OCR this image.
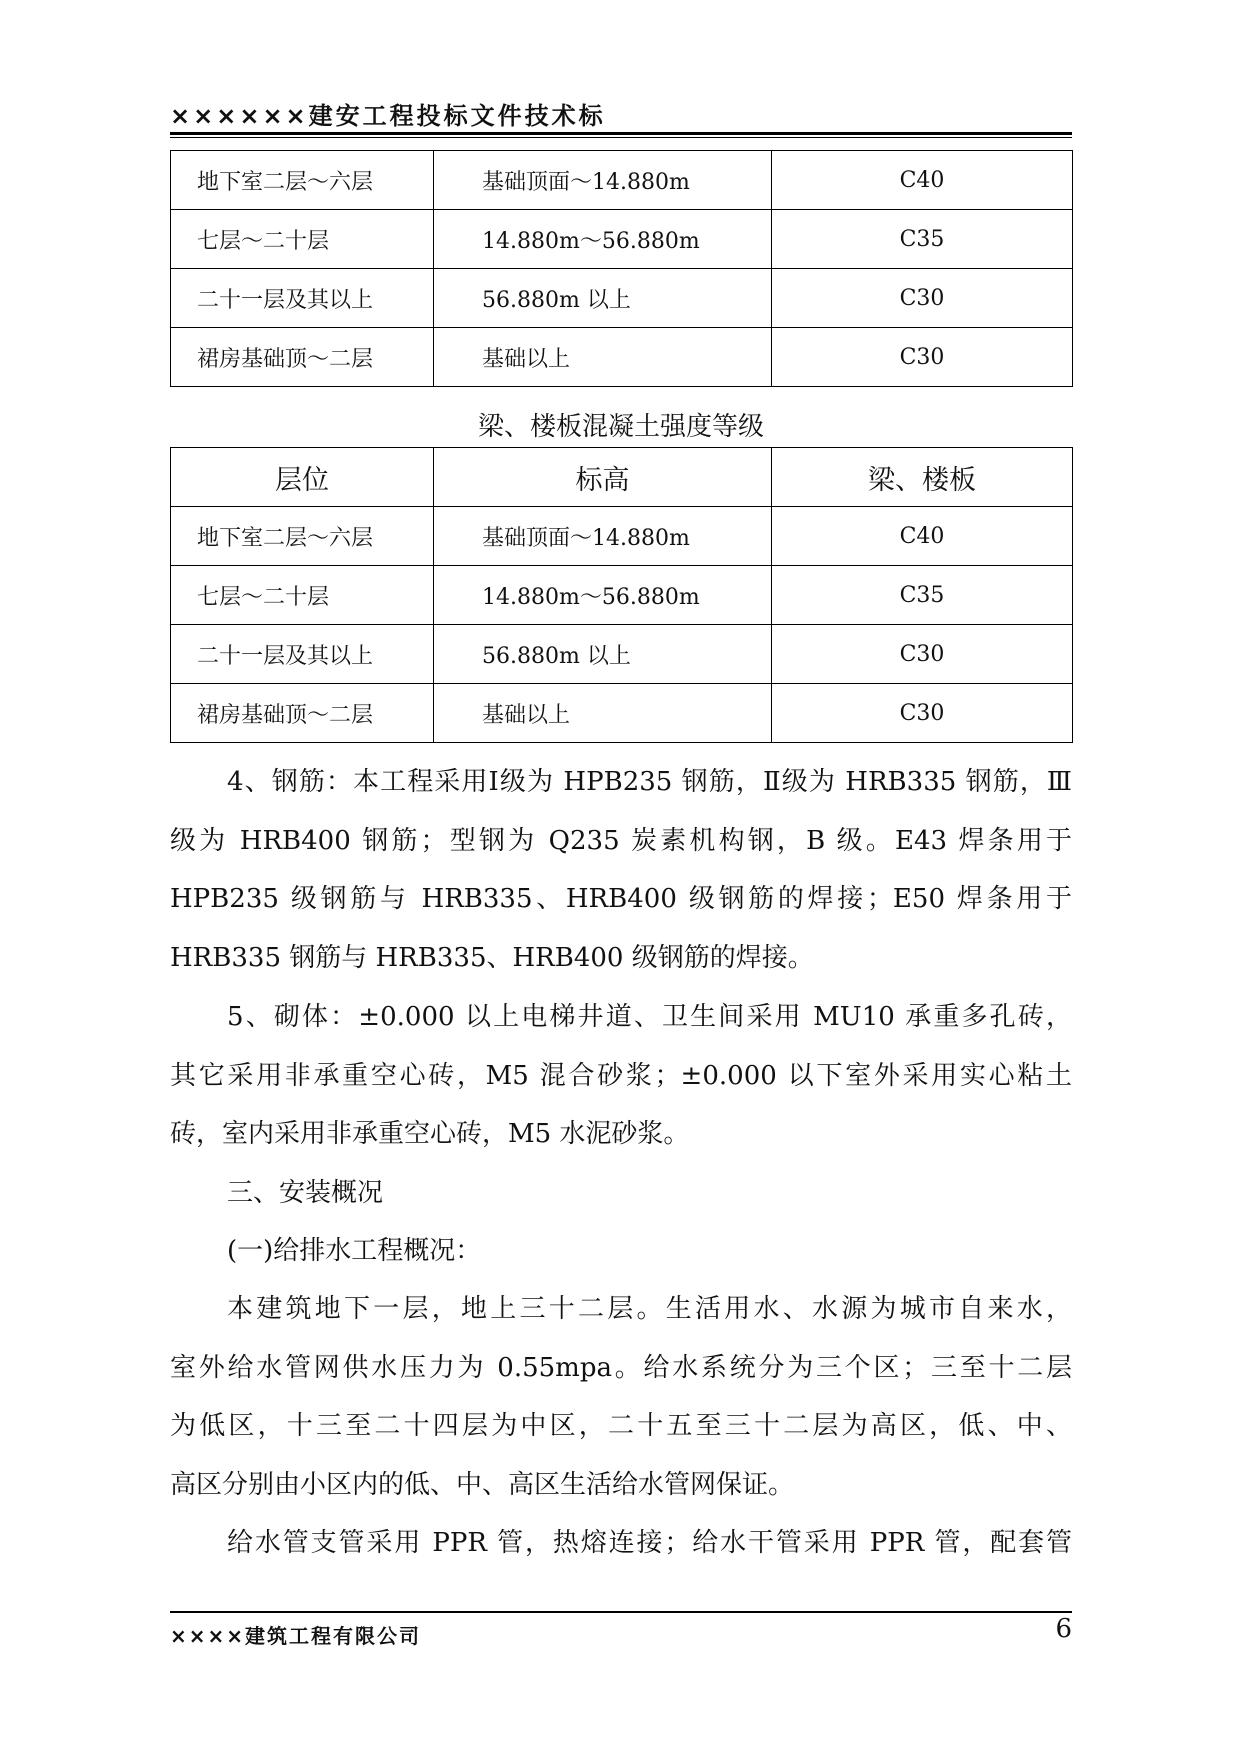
××××××建安工程投标文件技术标
地下室二层～六层	基础顶面～14.880m	C40
七层～二十层	14.880m～56.880m	C35
二十一层及其以上	56.880m 以上	C30
裙房基础顶～二层	基础以上	C30
梁、楼板混凝土强度等级
层位	标高	梁、楼板
地下室二层～六层	基础顶面～14.880m	C40
七层～二十层	14.880m～56.880m	C35
二十一层及其以上	56.880m 以上	C30
裙房基础顶～二层	基础以上	C30
4、钢筋：本工程采用Ⅰ级为 HPB235 钢筋，Ⅱ级为 HRB335 钢筋，Ⅲ
级为 HRB400 钢筋；型钢为 Q235 炭素机构钢，B 级。E43 焊条用于
HPB235 级钢筋与 HRB335、HRB400 级钢筋的焊接；E50 焊条用于
HRB335 钢筋与 HRB335、HRB400 级钢筋的焊接。
5、砌体：±0.000 以上电梯井道、卫生间采用 MU10 承重多孔砖，
其它采用非承重空心砖，M5 混合砂浆；±0.000 以下室外采用实心粘土
砖，室内采用非承重空心砖，M5 水泥砂浆。
三、安装概况
(一)给排水工程概况：
本建筑地下一层，地上三十二层。生活用水、水源为城市自来水，
室外给水管网供水压力为 0.55mpa。给水系统分为三个区；三至十二层
为低区，十三至二十四层为中区，二十五至三十二层为高区，低、中、
高区分别由小区内的低、中、高区生活给水管网保证。
给水管支管采用 PPR 管，热熔连接；给水干管采用 PPR 管，配套管
××××建筑工程有限公司	6
